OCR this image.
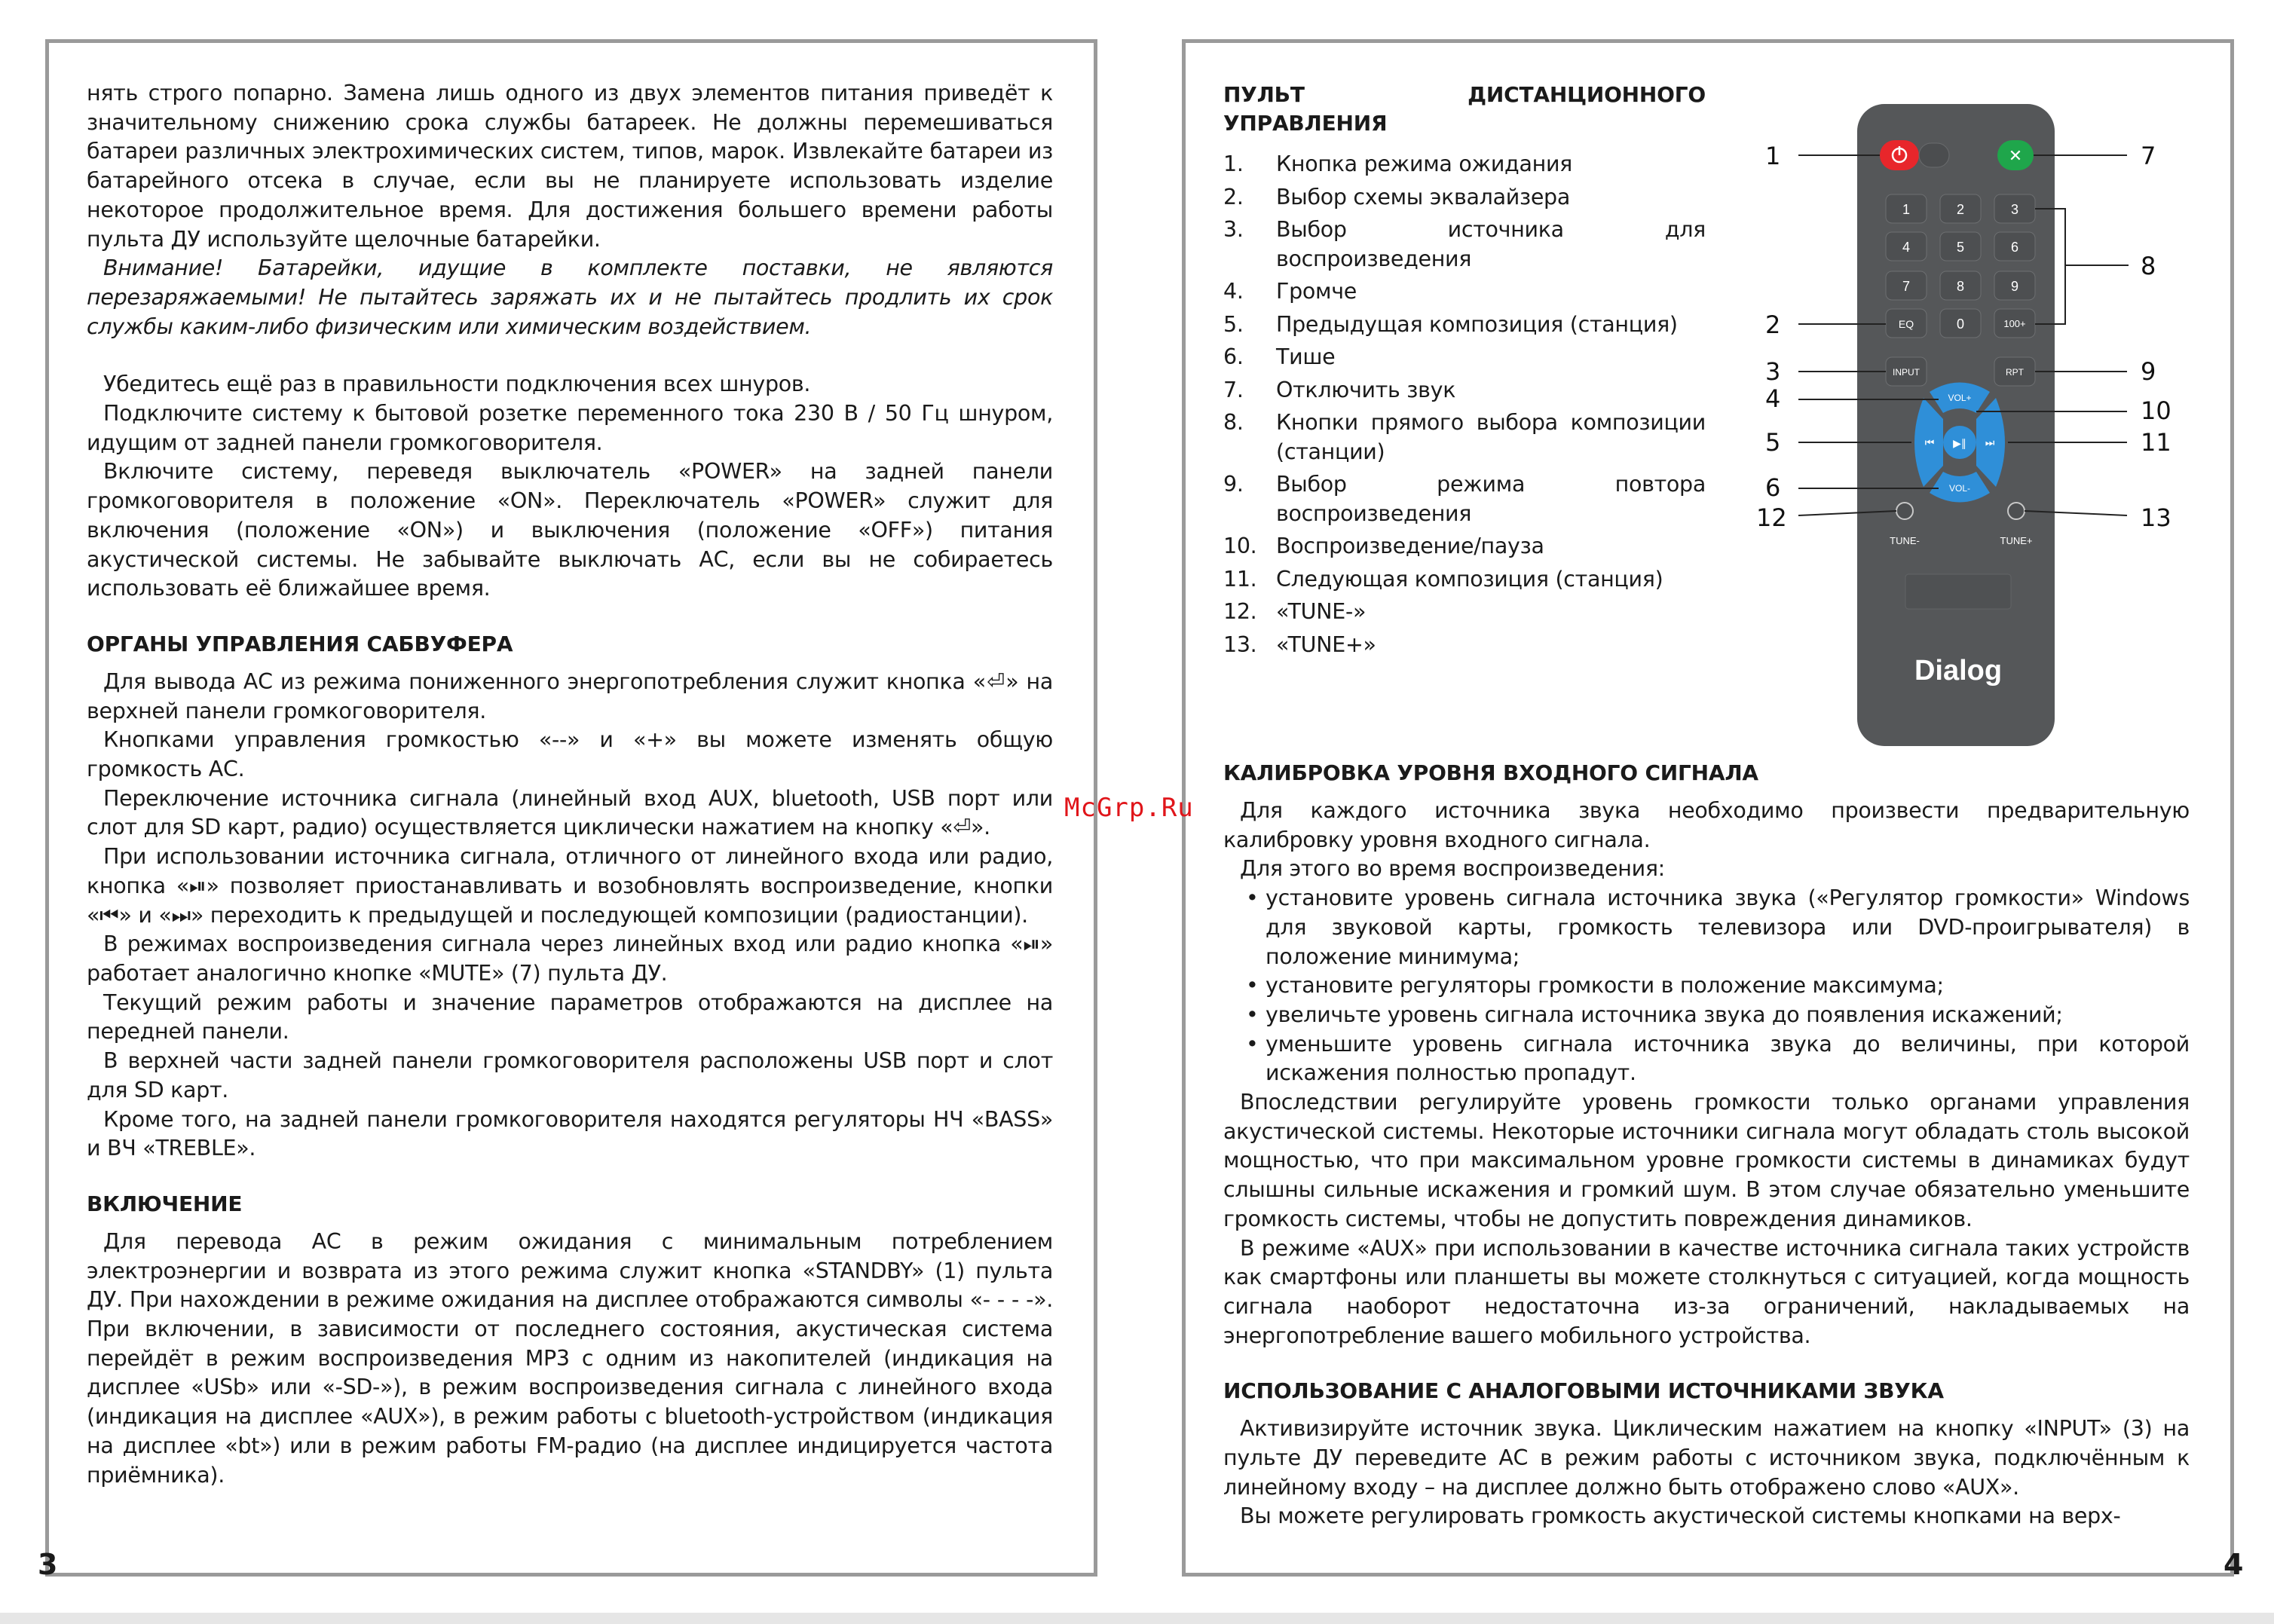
нять строго попарно. Замена лишь одного из двух элементов питания приведёт к значительному снижению срока службы батареек. Не должны перемешиваться батареи различных электрохимических систем, типов, марок. Извлекайте батареи из батарейного отсека в случае, если вы не планируете использовать изделие некоторое продолжительное время. Для достижения большего времени работы пульта ДУ используйте щелочные батарейки.

Внимание! Батарейки, идущие в комплекте поставки, не являются перезаряжаемыми! Не пытайтесь заряжать их и не пытайтесь продлить их срок службы каким-либо физическим или химическим воздействием.

Убедитесь ещё раз в правильности подключения всех шнуров.

Подключите систему к бытовой розетке переменного тока 230 В / 50 Гц шнуром, идущим от задней панели громкоговорителя.

Включите систему, переведя выключатель «POWER» на задней панели громкоговорителя в положение «ON». Переключатель «POWER» служит для включения (положение «ON») и выключения (положение «OFF») питания акустической системы. Не забывайте выключать АС, если вы не собираетесь использовать её ближайшее время.

ОРГАНЫ УПРАВЛЕНИЯ САБВУФЕРА

Для вывода АС из режима пониженного энергопотребления служит кнопка «⏎» на верхней панели громкоговорителя.

Кнопками управления громкостью «--» и «+» вы можете изменять общую громкость АС.

Переключение источника сигнала (линейный вход AUX, bluetooth, USB порт или слот для SD карт, радио) осуществляется циклически нажатием на кнопку «⏎».

При использовании источника сигнала, отличного от линейного входа или радио, кнопка «⏯» позволяет приостанавливать и возобновлять воспроизведение, кнопки «⏮» и «⏭» переходить к предыдущей и последующей композиции (радиостанции).

В режимах воспроизведения сигнала через линейных вход или радио кнопка «⏯» работает аналогично кнопке «MUTE» (7) пульта ДУ.

Текущий режим работы и значение параметров отображаются на дисплее на передней панели.

В верхней части задней панели громкоговорителя расположены USB порт и слот для SD карт.

Кроме того, на задней панели громкоговорителя находятся регуляторы НЧ «BASS» и ВЧ «TREBLE».

ВКЛЮЧЕНИЕ

Для перевода АС в режим ожидания с минимальным потреблением электроэнергии и возврата из этого режима служит кнопка «STANDBY» (1) пульта ДУ. При нахождении в режиме ожидания на дисплее отображаются символы «- - - -». При включении, в зависимости от последнего состояния, акустическая система перейдёт в режим воспроизведения MP3 с одним из накопителей (индикация на дисплее «USb» или «-SD-»), в режим воспроизведения сигнала с линейного входа (индикация на дисплее «AUX»), в режим работы с bluetooth-устройством (индикация на дисплее «bt») или в режим работы FM-радио (на дисплее индицируется частота приёмника).

ПУЛЬТ ДИСТАНЦИОННОГО УПРАВЛЕНИЯ
1.	Кнопка режима ожидания
2.	Выбор схемы эквалайзера
3.	Выбор источника для воспроизведения
4.	Громче
5.	Предыдущая композиция (станция)
6.	Тише
7.	Отключить звук
8.	Кнопки прямого выбора композиции (станции)
9.	Выбор режима повтора воспроизведения
10. Воспроизведение/пауза
11. Следующая композиция (станция)
12. «TUNE-»
13. «TUNE+»
КАЛИБРОВКА УРОВНЯ ВХОДНОГО СИГНАЛА

Для каждого источника звука необходимо произвести предварительную калибровку уровня входного сигнала.

Для этого во время воспроизведения:

• установите уровень сигнала источника звука («Регулятор громкости» Windows для звуковой карты, громкость телевизора или DVD-проигрывателя) в положение минимума;
• установите регуляторы громкости в положение максимума;
• увеличьте уровень сигнала источника звука до появления искажений;
• уменьшите уровень сигнала источника звука до величины, при которой искажения полностью пропадут.

Впоследствии регулируйте уровень громкости только органами управления акустической системы. Некоторые источники сигнала могут обладать столь высокой мощностью, что при максимальном уровне громкости системы в динамиках будут слышны сильные искажения и громкий шум. В этом случае обязательно уменьшите громкость системы, чтобы не допустить повреждения динамиков.

В режиме «AUX» при использовании в качестве источника сигнала таких устройств как смартфоны или планшеты вы можете столкнуться с ситуацией, когда мощность сигнала наоборот недостаточна из-за ограничений, накладываемых на энергопотребление вашего мобильного устройства.

ИСПОЛЬЗОВАНИЕ С АНАЛОГОВЫМИ ИСТОЧНИКАМИ ЗВУКА

Активизируйте источник звука. Циклическим нажатием на кнопку «INPUT» (3) на пульте ДУ переведите АС в режим работы с источником звука, подключённым к линейному входу – на дисплее должно быть отображено слово «AUX».

Вы можете регулировать громкость акустической системы кнопками на верх-

✕
1	2	3
4	5	6
7	8	9
EQ	0	100+
INPUT	RPT
VOL+
⏮	⏭
▶∥
VOL-
TUNE-	TUNE+
Dialog
1
2
3
4
5
6
7
8
9
10
11
12	13
McGrp.Ru
3	4
